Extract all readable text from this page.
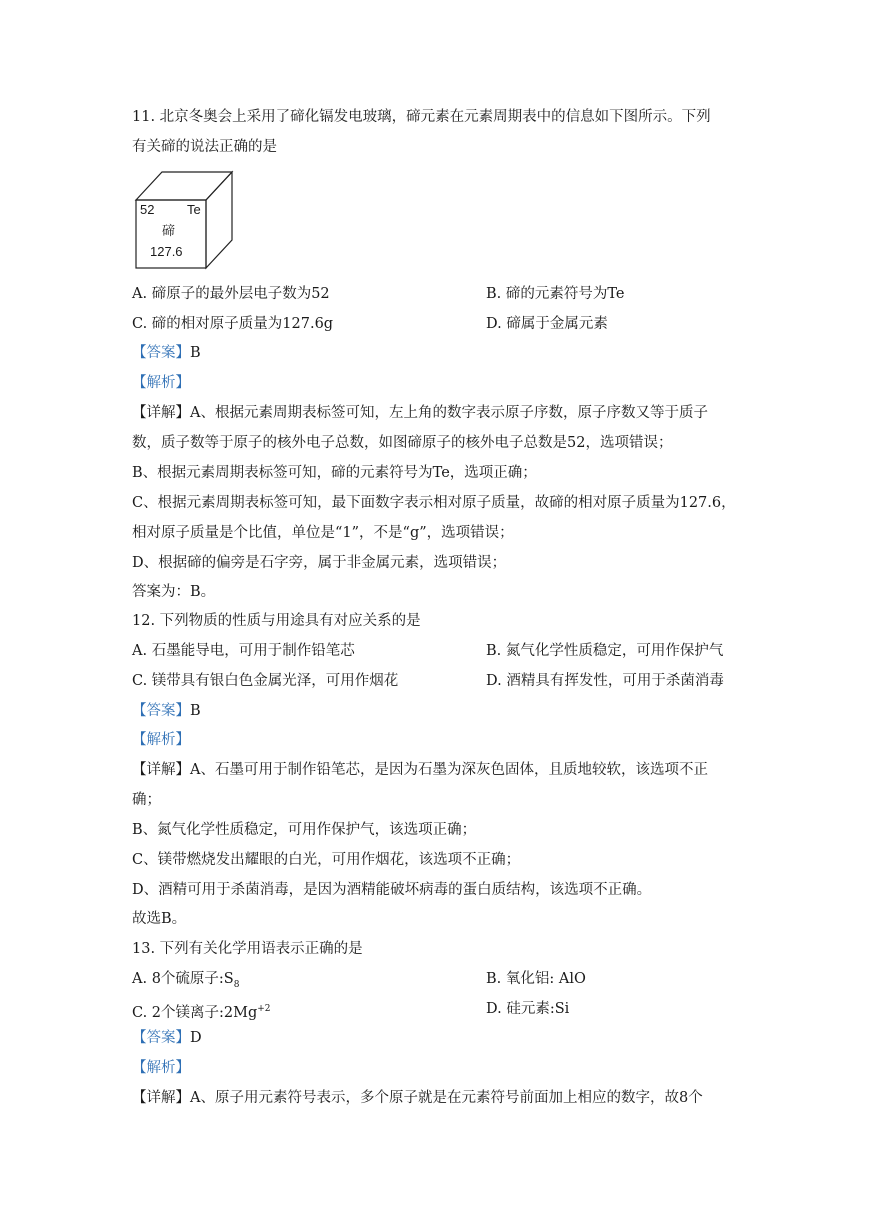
11. 北京冬奥会上采用了碲化镉发电玻璃，碲元素在元素周期表中的信息如下图所示。下列
有关碲的说法正确的是
52	Te
碲
127.6
A. 碲原子的最外层电子数为52	B. 碲的元素符号为Te
C. 碲的相对原子质量为127.6g	D. 碲属于金属元素
【答案】B
【解析】
【详解】A、根据元素周期表标签可知，左上角的数字表示原子序数，原子序数又等于质子
数，质子数等于原子的核外电子总数，如图碲原子的核外电子总数是52，选项错误；
B、根据元素周期表标签可知，碲的元素符号为Te，选项正确；
C、根据元素周期表标签可知，最下面数字表示相对原子质量，故碲的相对原子质量为127.6，
相对原子质量是个比值，单位是“1”，不是“g”，选项错误；
D、根据碲的偏旁是石字旁，属于非金属元素，选项错误；
答案为：B。
12. 下列物质的性质与用途具有对应关系的是
A. 石墨能导电，可用于制作铅笔芯	B. 氮气化学性质稳定，可用作保护气
C. 镁带具有银白色金属光泽，可用作烟花	D. 酒精具有挥发性，可用于杀菌消毒
【答案】B
【解析】
【详解】A、石墨可用于制作铅笔芯，是因为石墨为深灰色固体，且质地较软，该选项不正
确；
B、氮气化学性质稳定，可用作保护气，该选项正确；
C、镁带燃烧发出耀眼的白光，可用作烟花，该选项不正确；
D、酒精可用于杀菌消毒，是因为酒精能破坏病毒的蛋白质结构，该选项不正确。
故选B。
13. 下列有关化学用语表示正确的是
A. 8个硫原子$:S_8$	B. 氧化铝: AlO
C. 2个镁离子$:2Mg^{+2}$	D. 硅元素:Si
【答案】D
【解析】
【详解】A、原子用元素符号表示，多个原子就是在元素符号前面加上相应的数字，故8个
